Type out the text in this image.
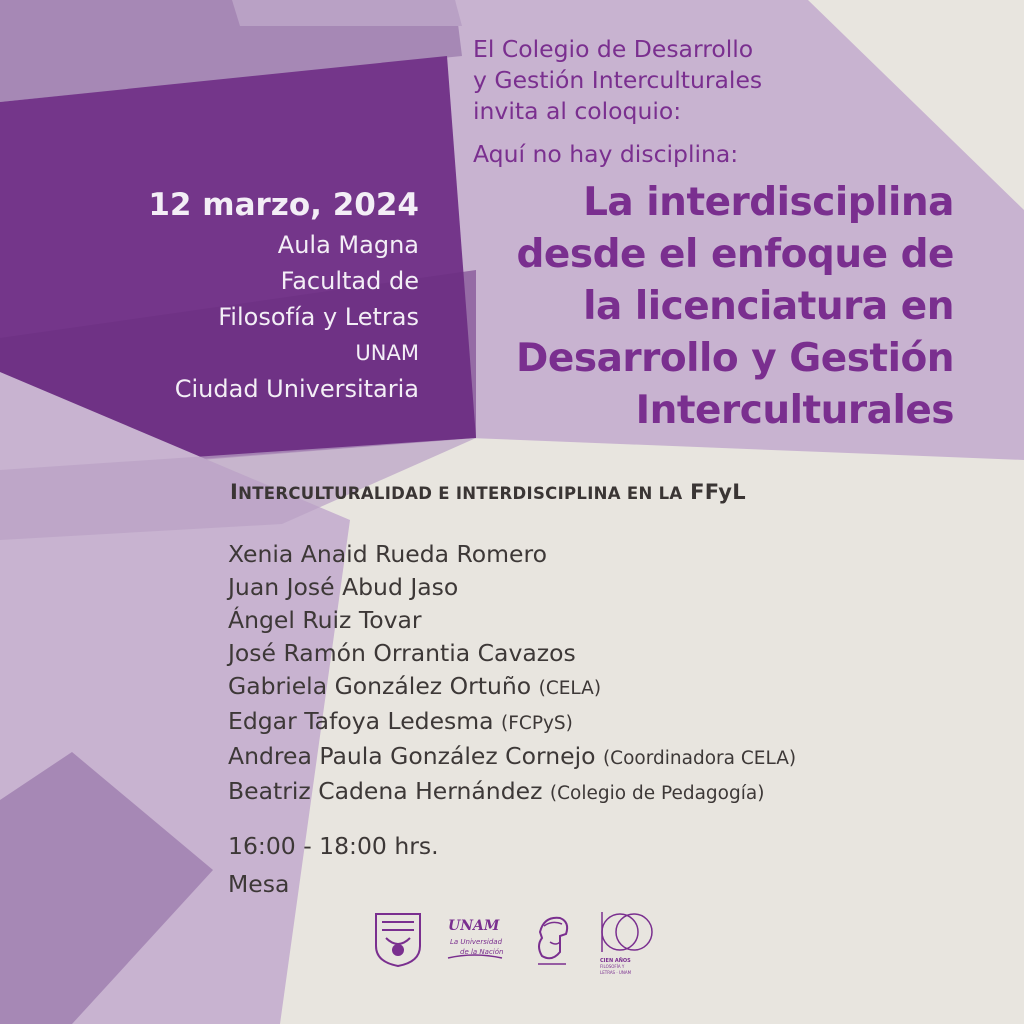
El Colegio de Desarrollo
y Gestión Interculturales
invita al coloquio:
Aquí no hay disciplina:
La interdisciplina
desde el enfoque de
la licenciatura en
Desarrollo y Gestión
Interculturales
12 marzo, 2024
Aula Magna
Facultad de
Filosofía y Letras
UNAM
Ciudad Universitaria
INTERCULTURALIDAD E INTERDISCIPLINA EN LA FFyL
Xenia Anaid Rueda Romero
Juan José Abud Jaso
Ángel Ruiz Tovar
José Ramón Orrantia Cavazos
Gabriela González Ortuño (CELA)
Edgar Tafoya Ledesma (FCPyS)
Andrea Paula González Cornejo (Coordinadora CELA)
Beatriz Cadena Hernández (Colegio de Pedagogía)
16:00 - 18:00 hrs.
Mesa
UNAM
La Universidad
de la Nación
CIEN AÑOS
FILOSOFÍA Y
LETRAS · UNAM
